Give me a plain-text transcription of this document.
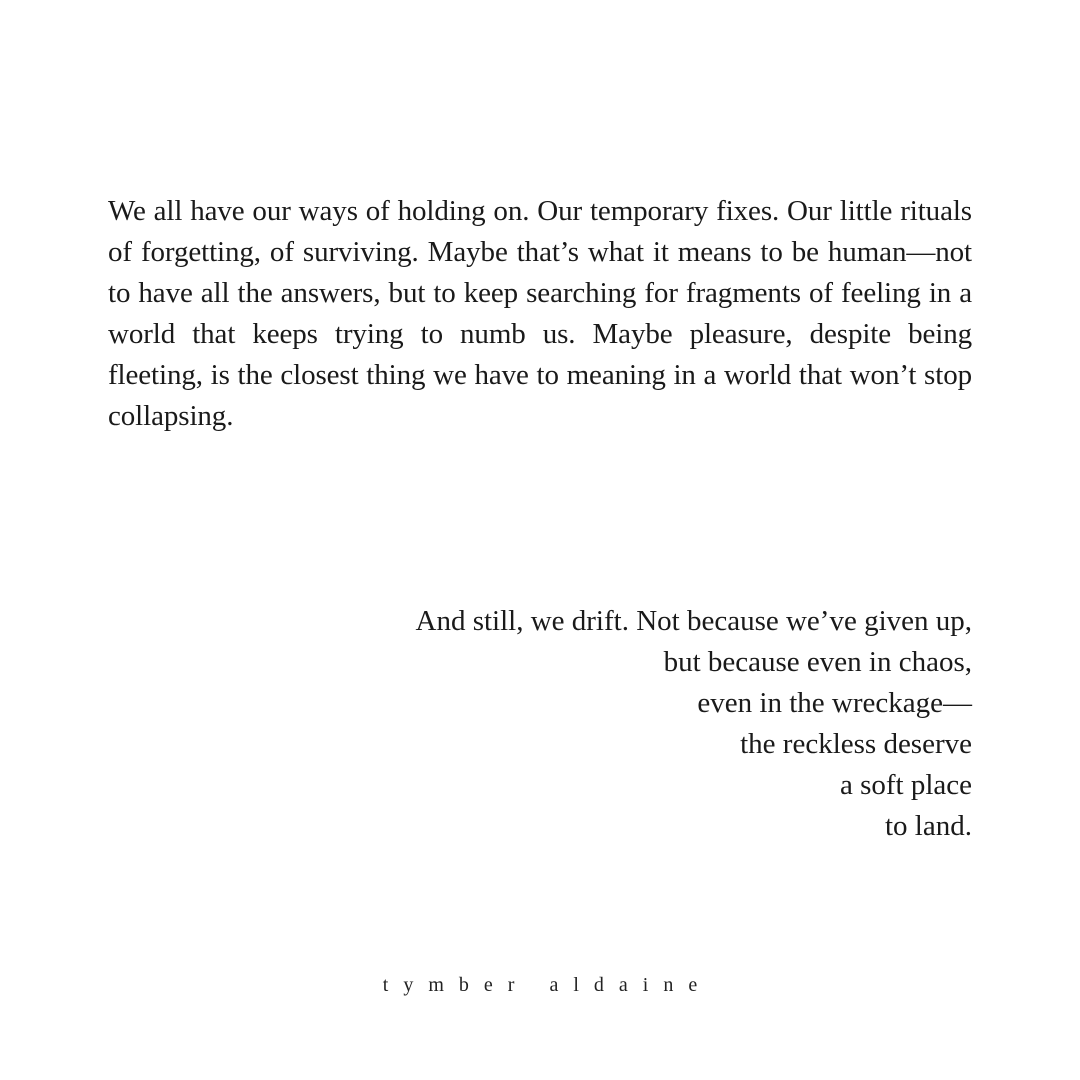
We all have our ways of holding on. Our temporary fixes. Our little rituals of forgetting, of surviving. Maybe that’s what it means to be human—not to have all the answers, but to keep searching for fragments of feeling in a world that keeps trying to numb us. Maybe pleasure, despite being fleeting, is the closest thing we have to meaning in a world that won’t stop collapsing.

And still, we drift. Not because we’ve given up,
but because even in chaos,
even in the wreckage—
the reckless deserve
a soft place
to land.

tymber aldaine
